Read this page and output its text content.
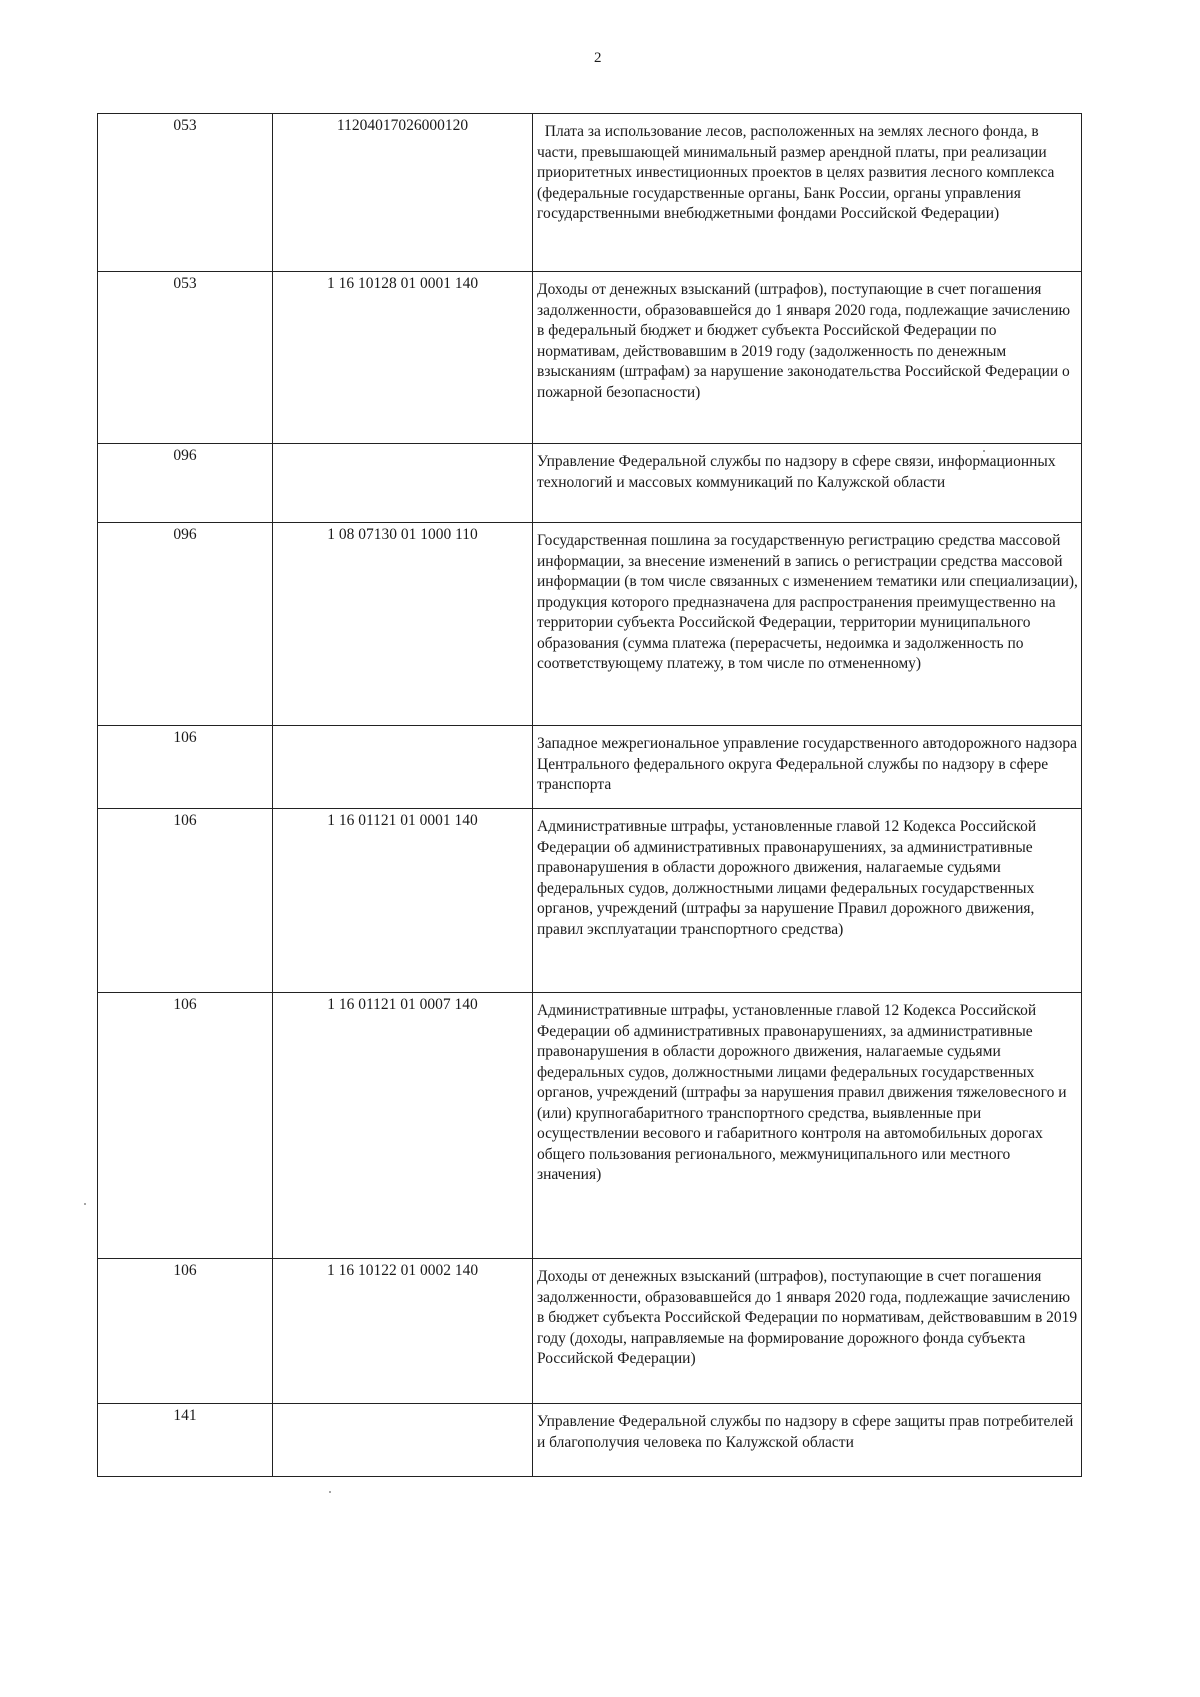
2
053	11204017026000120	Плата за использование лесов, расположенных на землях лесного фонда, в части, превышающей минимальный размер арендной платы, при реализации приоритетных инвестиционных проектов в целях развития лесного комплекса (федеральные государственные органы, Банк России, органы управления государственными внебюджетными фондами Российской Федерации)

053	1 16 10128 01 0001 140	Доходы от денежных взысканий (штрафов), поступающие в счет погашения задолженности, образовавшейся до 1 января 2020 года, подлежащие зачислению в федеральный бюджет и бюджет субъекта Российской Федерации по нормативам, действовавшим в 2019 году (задолженность по денежным взысканиям (штрафам) за нарушение законодательства Российской Федерации о пожарной безопасности)

096		Управление Федеральной службы по надзору в сфере связи, информационных технологий и массовых коммуникаций по Калужской области

096	1 08 07130 01 1000 110	Государственная пошлина за государственную регистрацию средства массовой информации, за внесение изменений в запись о регистрации средства массовой информации (в том числе связанных с изменением тематики или специализации), продукция которого предназначена для распространения преимущественно на территории субъекта Российской Федерации, территории муниципального образования (сумма платежа (перерасчеты, недоимка и задолженность по соответствующему платежу, в том числе по отмененному)

106		Западное межрегиональное управление государственного автодорожного надзора Центрального федерального округа Федеральной службы по надзору в сфере транспорта

106	1 16 01121 01 0001 140	Административные штрафы, установленные главой 12 Кодекса Российской Федерации об административных правонарушениях, за административные правонарушения в области дорожного движения, налагаемые судьями федеральных судов, должностными лицами федеральных государственных органов, учреждений (штрафы за нарушение Правил дорожного движения, правил эксплуатации транспортного средства)

106	1 16 01121 01 0007 140	Административные штрафы, установленные главой 12 Кодекса Российской Федерации об административных правонарушениях, за административные правонарушения в области дорожного движения, налагаемые судьями федеральных судов, должностными лицами федеральных государственных органов, учреждений (штрафы за нарушения правил движения тяжеловесного и (или) крупногабаритного транспортного средства, выявленные при осуществлении весового и габаритного контроля на автомобильных дорогах общего пользования регионального, межмуниципального или местного значения)

106	1 16 10122 01 0002 140	Доходы от денежных взысканий (штрафов), поступающие в счет погашения задолженности, образовавшейся до 1 января 2020 года, подлежащие зачислению в бюджет субъекта Российской Федерации по нормативам, действовавшим в 2019 году (доходы, направляемые на формирование дорожного фонда субъекта Российской Федерации)

141		Управление Федеральной службы по надзору в сфере защиты прав потребителей и благополучия человека по Калужской области
